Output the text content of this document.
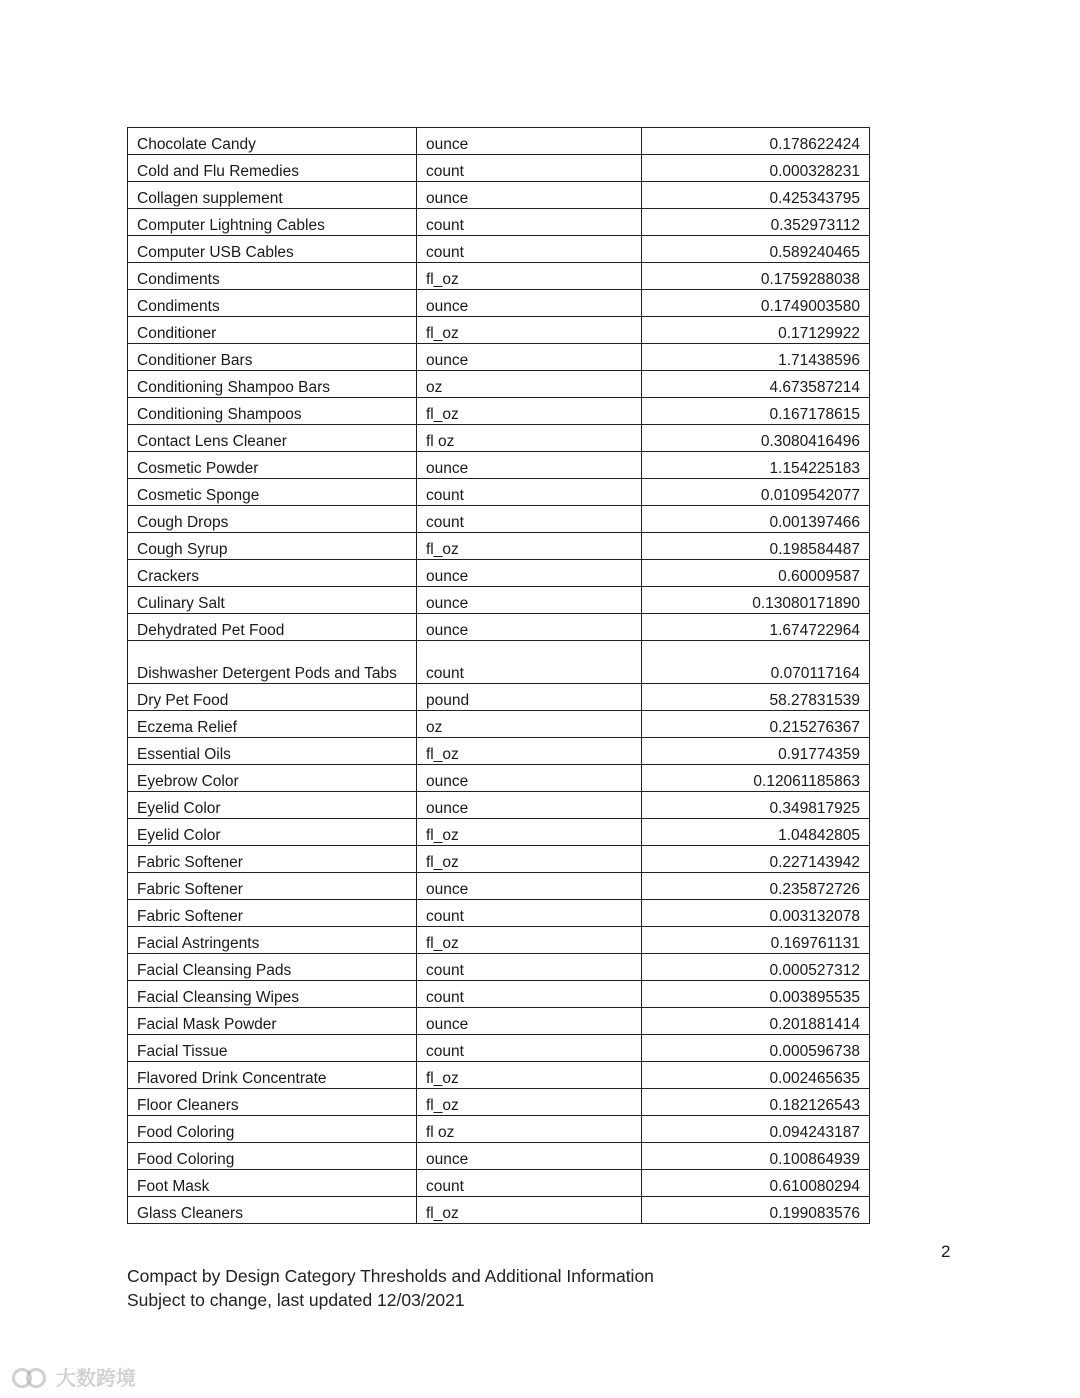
Chocolate Candy	ounce	0.178622424
Cold and Flu Remedies	count	0.000328231
Collagen supplement	ounce	0.425343795
Computer Lightning Cables	count	0.352973112
Computer USB Cables	count	0.589240465
Condiments	fl_oz	0.1759288038
Condiments	ounce	0.1749003580
Conditioner	fl_oz	0.17129922
Conditioner Bars	ounce	1.71438596
Conditioning Shampoo Bars	oz	4.673587214
Conditioning Shampoos	fl_oz	0.167178615
Contact Lens Cleaner	fl oz	0.3080416496
Cosmetic Powder	ounce	1.154225183
Cosmetic Sponge	count	0.0109542077
Cough Drops	count	0.001397466
Cough Syrup	fl_oz	0.198584487
Crackers	ounce	0.60009587
Culinary Salt	ounce	0.13080171890
Dehydrated Pet Food	ounce	1.674722964
Dishwasher Detergent Pods and Tabs	count	0.070117164
Dry Pet Food	pound	58.27831539
Eczema Relief	oz	0.215276367
Essential Oils	fl_oz	0.91774359
Eyebrow Color	ounce	0.12061185863
Eyelid Color	ounce	0.349817925
Eyelid Color	fl_oz	1.04842805
Fabric Softener	fl_oz	0.227143942
Fabric Softener	ounce	0.235872726
Fabric Softener	count	0.003132078
Facial Astringents	fl_oz	0.169761131
Facial Cleansing Pads	count	0.000527312
Facial Cleansing Wipes	count	0.003895535
Facial Mask Powder	ounce	0.201881414
Facial Tissue	count	0.000596738
Flavored Drink Concentrate	fl_oz	0.002465635
Floor Cleaners	fl_oz	0.182126543
Food Coloring	fl oz	0.094243187
Food Coloring	ounce	0.100864939
Foot Mask	count	0.610080294
Glass Cleaners	fl_oz	0.199083576
2
Compact by Design Category Thresholds and Additional Information
Subject to change, last updated 12/03/2021
大数跨境
